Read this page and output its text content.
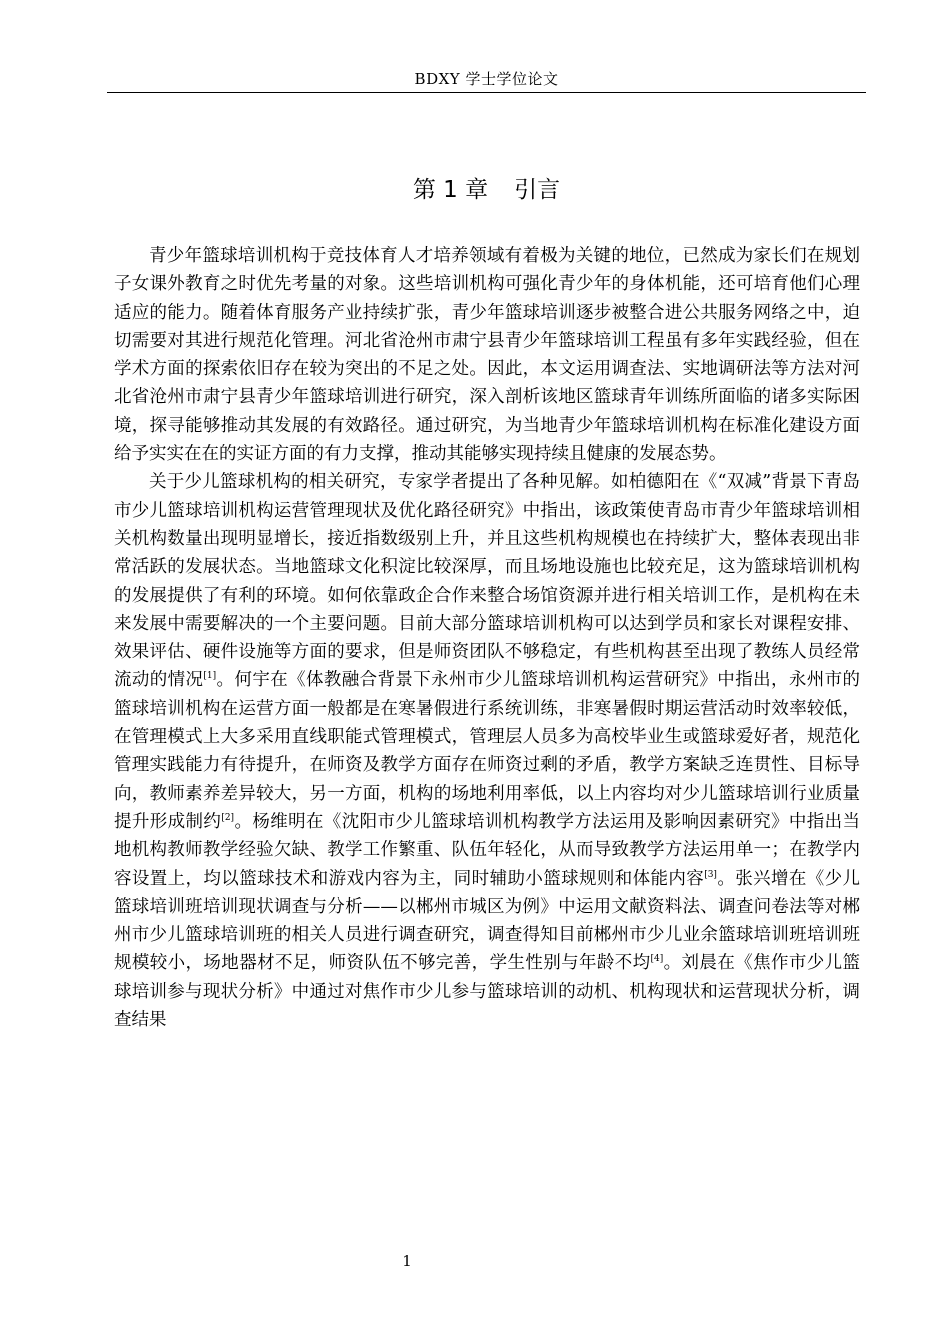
BDXY 学士学位论文
第 1 章 引言

青少年篮球培训机构于竞技体育人才培养领域有着极为关键的地位，已然成为家长们在规划子女课外教育之时优先考量的对象。这些培训机构可强化青少年的身体机能，还可培育他们心理适应的能力。随着体育服务产业持续扩张，青少年篮球培训逐步被整合进公共服务网络之中，迫切需要对其进行规范化管理。河北省沧州市肃宁县青少年篮球培训工程虽有多年实践经验，但在学术方面的探索依旧存在较为突出的不足之处。因此，本文运用调查法、实地调研法等方法对河北省沧州市肃宁县青少年篮球培训进行研究，深入剖析该地区篮球青年训练所面临的诸多实际困境，探寻能够推动其发展的有效路径。通过研究，为当地青少年篮球培训机构在标准化建设方面给予实实在在的实证方面的有力支撑，推动其能够实现持续且健康的发展态势。

关于少儿篮球机构的相关研究，专家学者提出了各种见解。如柏德阳在《“双减”背景下青岛市少儿篮球培训机构运营管理现状及优化路径研究》中指出，该政策使青岛市青少年篮球培训相关机构数量出现明显增长，接近指数级别上升，并且这些机构规模也在持续扩大，整体表现出非常活跃的发展状态。当地篮球文化积淀比较深厚，而且场地设施也比较充足，这为篮球培训机构的发展提供了有利的环境。如何依靠政企合作来整合场馆资源并进行相关培训工作，是机构在未来发展中需要解决的一个主要问题。目前大部分篮球培训机构可以达到学员和家长对课程安排、效果评估、硬件设施等方面的要求，但是师资团队不够稳定，有些机构甚至出现了教练人员经常流动的情况[1]。何宇在《体教融合背景下永州市少儿篮球培训机构运营研究》中指出，永州市的篮球培训机构在运营方面一般都是在寒暑假进行系统训练，非寒暑假时期运营活动时效率较低，在管理模式上大多采用直线职能式管理模式，管理层人员多为高校毕业生或篮球爱好者，规范化管理实践能力有待提升，在师资及教学方面存在师资过剩的矛盾，教学方案缺乏连贯性、目标导向，教师素养差异较大，另一方面，机构的场地利用率低，以上内容均对少儿篮球培训行业质量提升形成制约[2]。杨维明在《沈阳市少儿篮球培训机构教学方法运用及影响因素研究》中指出当地机构教师教学经验欠缺、教学工作繁重、队伍年轻化，从而导致教学方法运用单一；在教学内容设置上，均以篮球技术和游戏内容为主，同时辅助小篮球规则和体能内容[3]。张兴增在《少儿篮球培训班培训现状调查与分析——以郴州市城区为例》中运用文献资料法、调查问卷法等对郴州市少儿篮球培训班的相关人员进行调查研究，调查得知目前郴州市少儿业余篮球培训班培训班规模较小，场地器材不足，师资队伍不够完善，学生性别与年龄不均[4]。刘晨在《焦作市少儿篮球培训参与现状分析》中通过对焦作市少儿参与篮球培训的动机、机构现状和运营现状分析，调查结果

1
